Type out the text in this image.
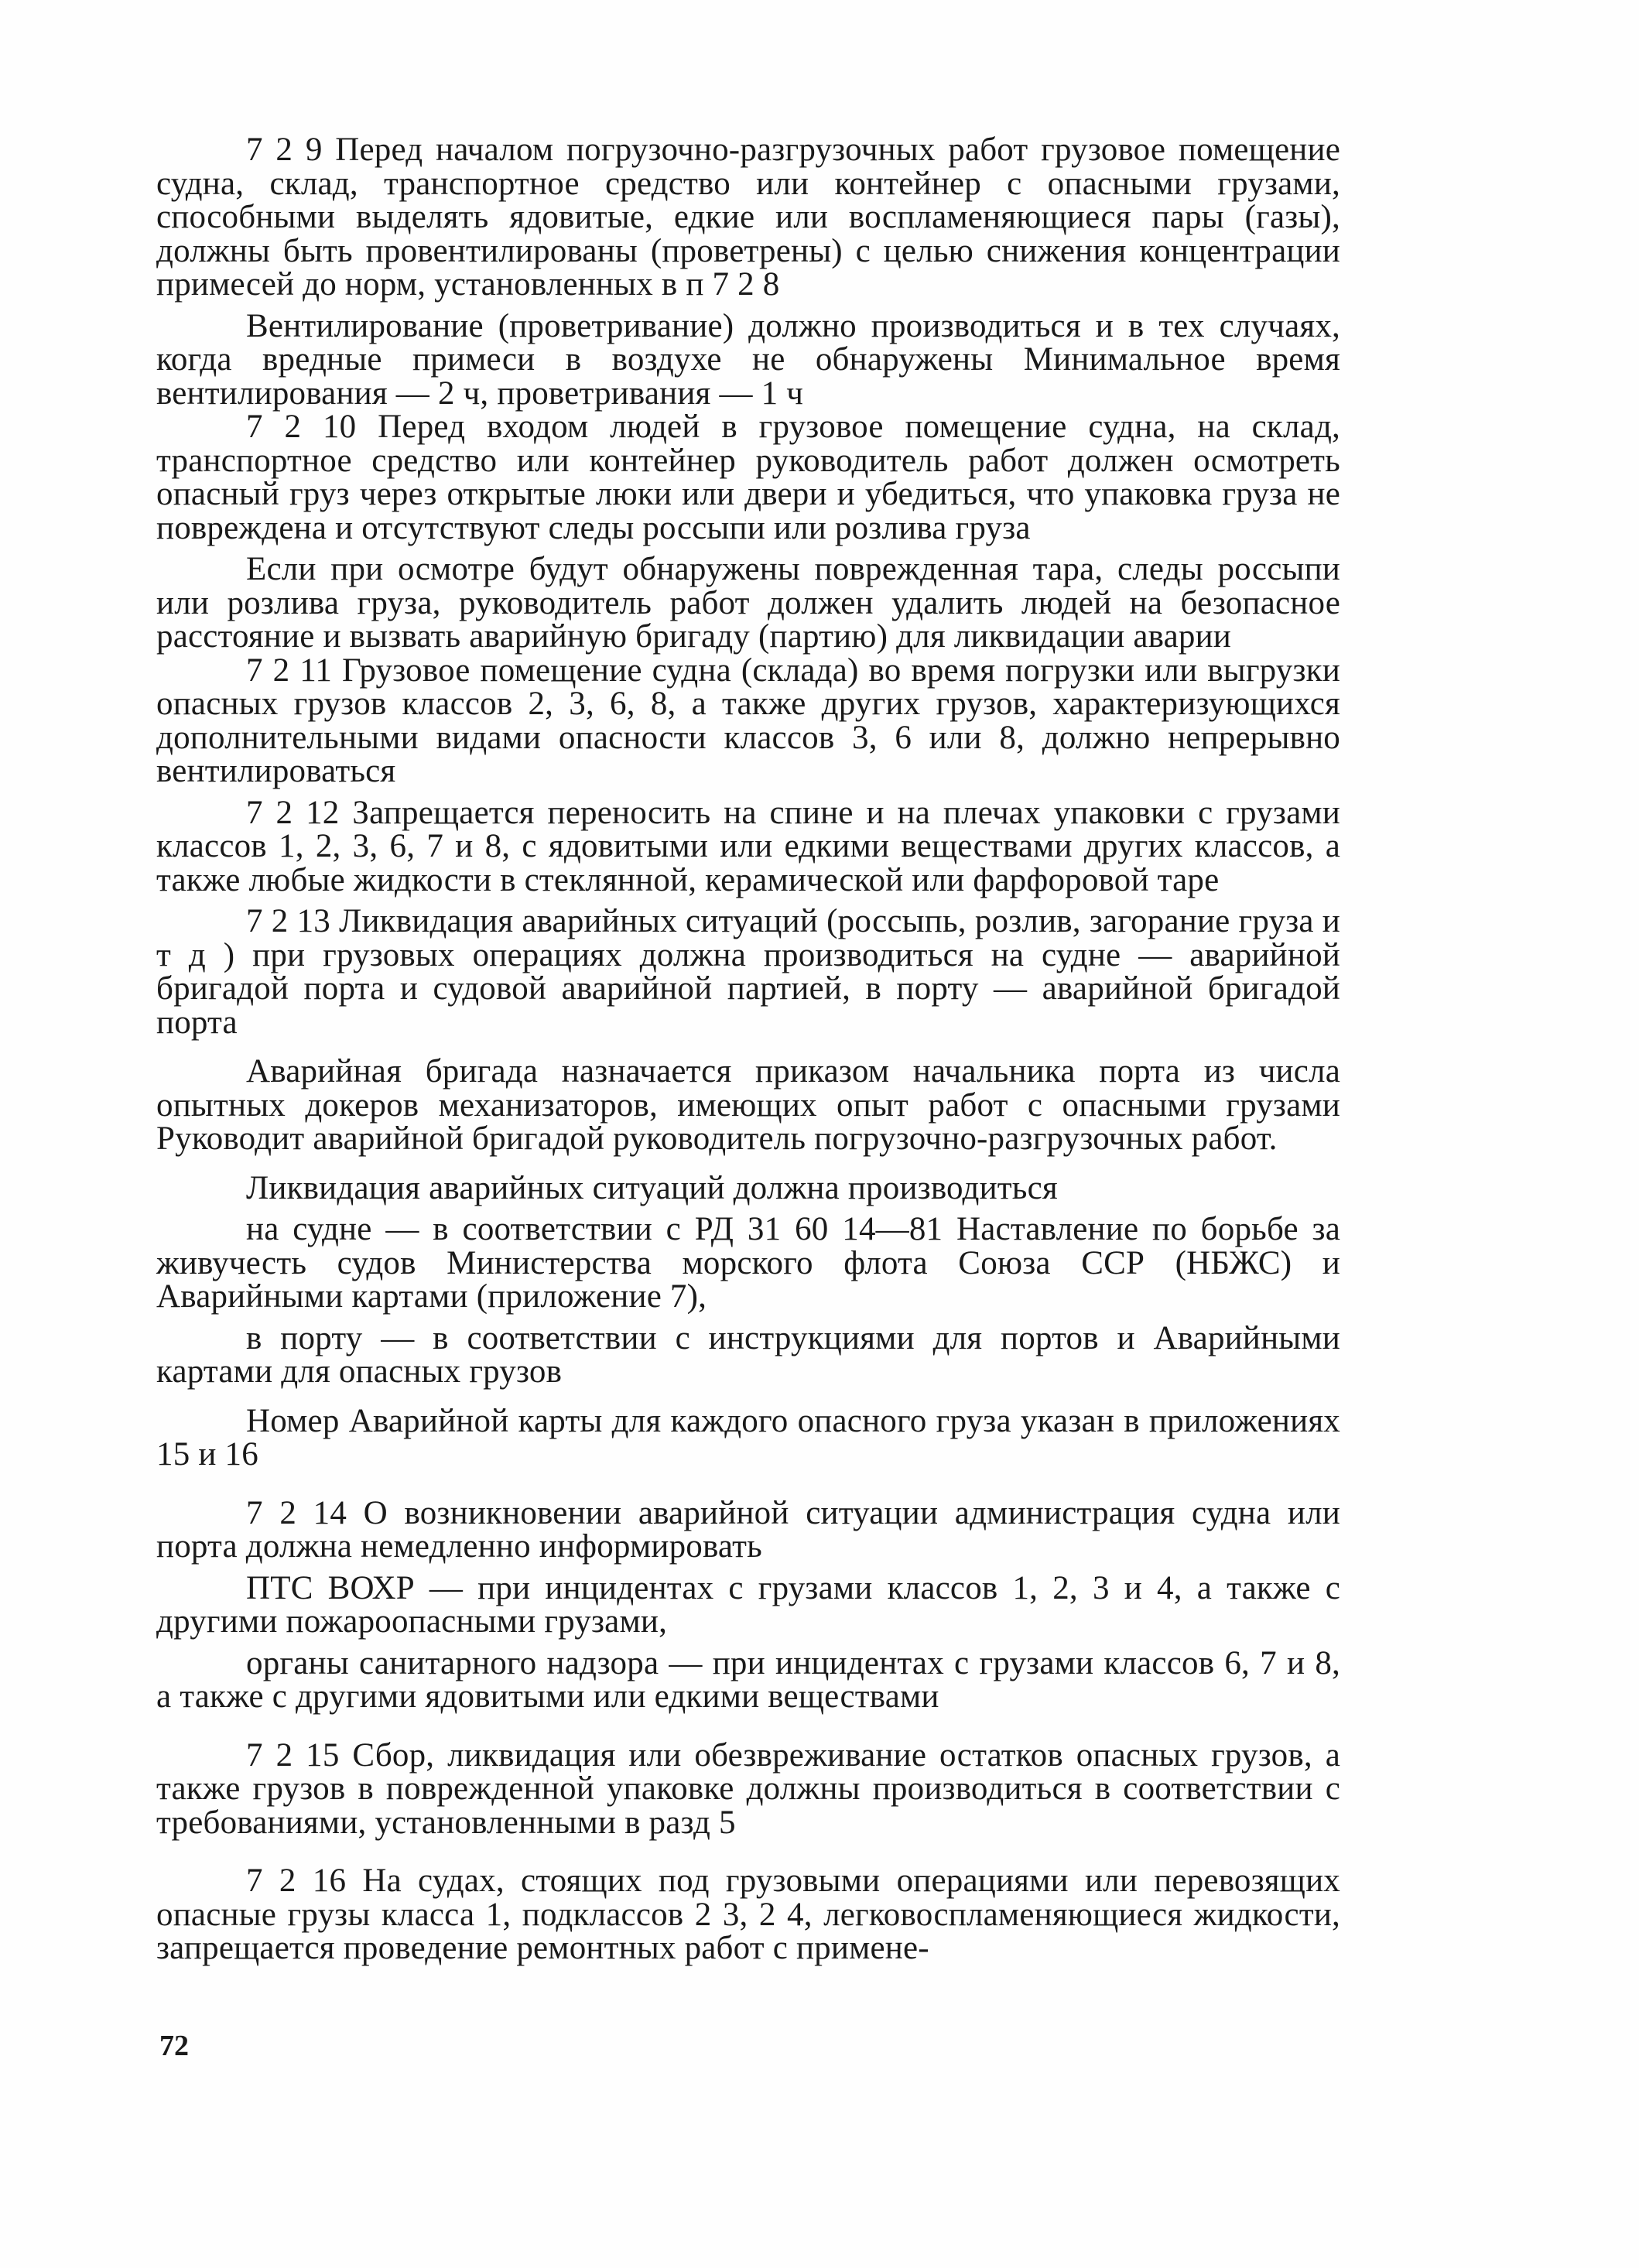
7 2 9 Перед началом погрузочно-разгрузочных работ грузовое помещение судна, склад, транспортное средство или контейнер с опасными грузами, способными выделять ядовитые, едкие или воспламеняющиеся пары (газы), должны быть провентилированы (проветрены) с целью снижения концентрации примесей до норм, установленных в п 7 2 8

Вентилирование (проветривание) должно производиться и в тех случаях, когда вредные примеси в воздухе не обнаружены Минимальное время вентилирования — 2 ч, проветривания — 1 ч

7 2 10 Перед входом людей в грузовое помещение судна, на склад, транспортное средство или контейнер руководитель работ должен осмотреть опасный груз через открытые люки или двери и убедиться, что упаковка груза не повреждена и отсутствуют следы россыпи или розлива груза

Если при осмотре будут обнаружены поврежденная тара, следы россыпи или розлива груза, руководитель работ должен удалить людей на безопасное расстояние и вызвать аварийную бригаду (партию) для ликвидации аварии

7 2 11 Грузовое помещение судна (склада) во время погрузки или выгрузки опасных грузов классов 2, 3, 6, 8, а также других грузов, характеризующихся дополнительными видами опасности классов 3, 6 или 8, должно непрерывно вентилироваться

7 2 12 Запрещается переносить на спине и на плечах упаковки с грузами классов 1, 2, 3, 6, 7 и 8, с ядовитыми или едкими веществами других классов, а также любые жидкости в стеклянной, керамической или фарфоровой таре

7 2 13 Ликвидация аварийных ситуаций (россыпь, розлив, загорание груза и т д ) при грузовых операциях должна производиться на судне — аварийной бригадой порта и судовой аварийной партией, в порту — аварийной бригадой порта

Аварийная бригада назначается приказом начальника порта из числа опытных докеров механизаторов, имеющих опыт работ с опасными грузами Руководит аварийной бригадой руководитель погрузочно-разгрузочных работ.

Ликвидация аварийных ситуаций должна производиться

на судне — в соответствии с РД 31 60 14—81 Наставление по борьбе за живучесть судов Министерства морского флота Союза ССР (НБЖС) и Аварийными картами (приложение 7),

в порту — в соответствии с инструкциями для портов и Аварийными картами для опасных грузов

Номер Аварийной карты для каждого опасного груза указан в приложениях 15 и 16

7 2 14 О возникновении аварийной ситуации администрация судна или порта должна немедленно информировать

ПТС ВОХР — при инцидентах с грузами классов 1, 2, 3 и 4, а также с другими пожароопасными грузами,

органы санитарного надзора — при инцидентах с грузами классов 6, 7 и 8, а также с другими ядовитыми или едкими веществами

7 2 15 Сбор, ликвидация или обезвреживание остатков опасных грузов, а также грузов в поврежденной упаковке должны производиться в соответствии с требованиями, установленными в разд 5

7 2 16 На судах, стоящих под грузовыми операциями или перевозящих опасные грузы класса 1, подклассов 2 3, 2 4, легковоспламеняющиеся жидкости, запрещается проведение ремонтных работ с примене-

72
